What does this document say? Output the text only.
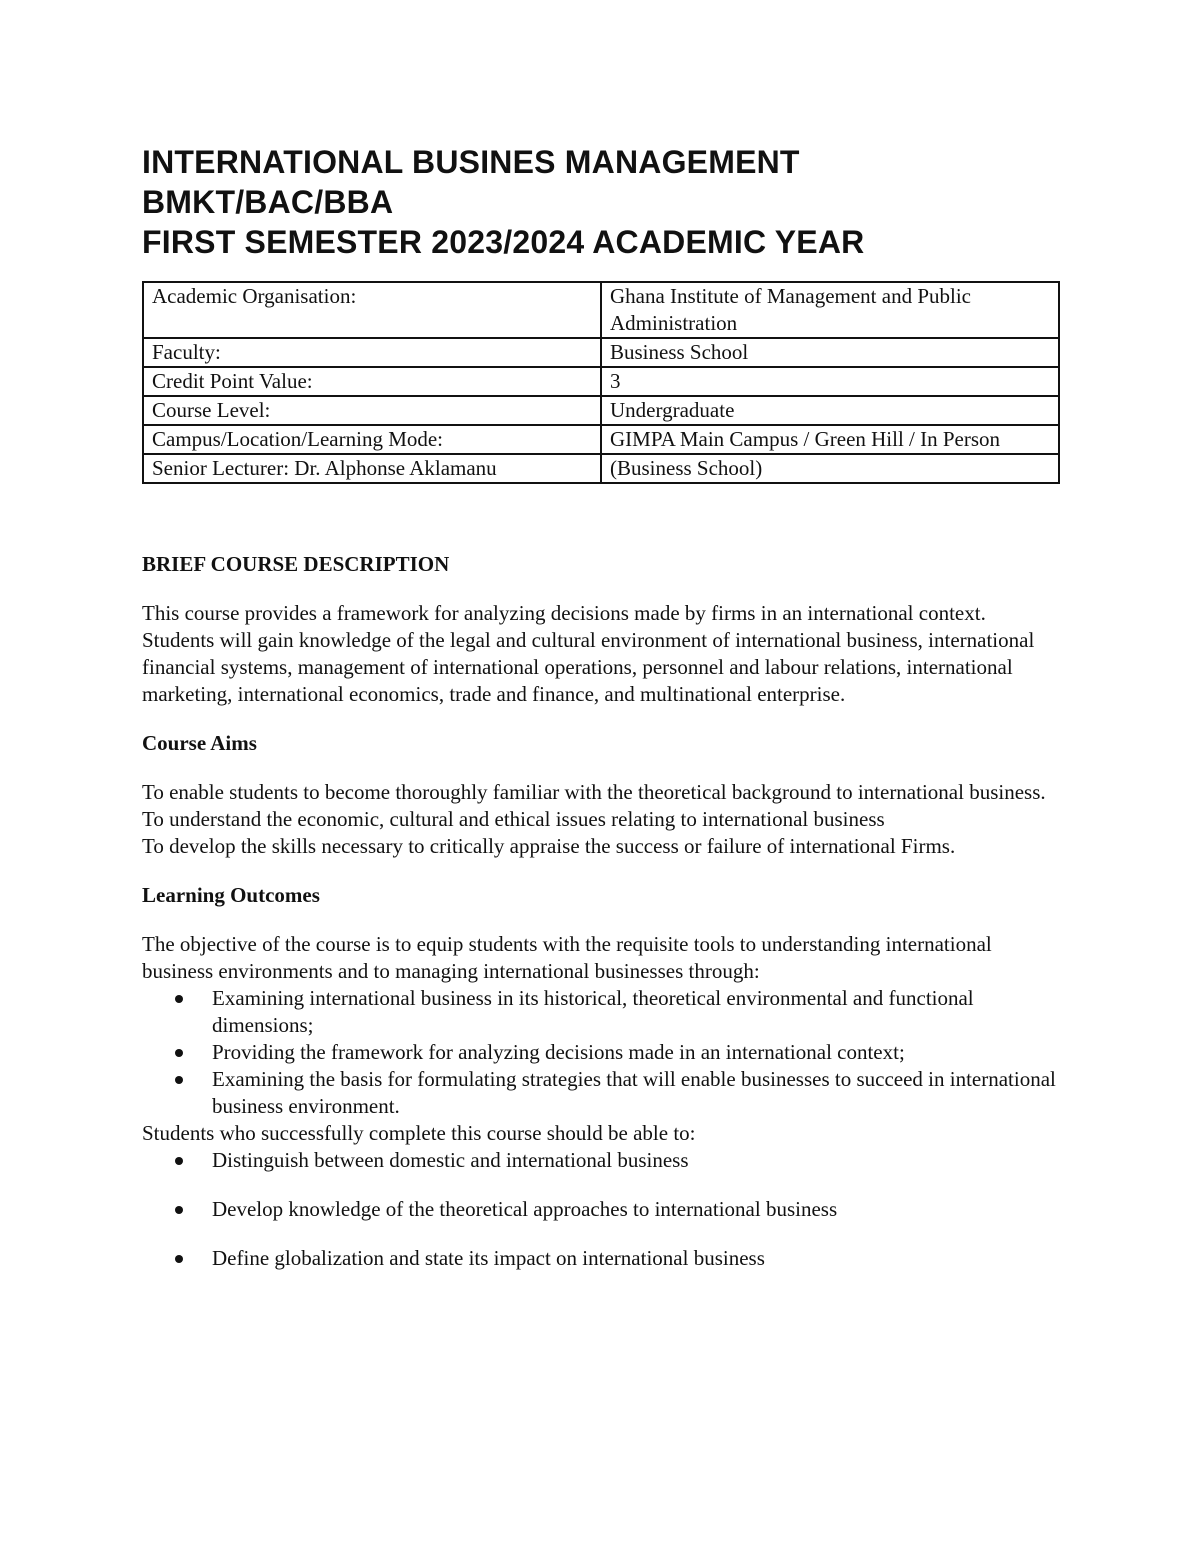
INTERNATIONAL BUSINES MANAGEMENT
BMKT/BAC/BBA
FIRST SEMESTER 2023/2024 ACADEMIC YEAR
Academic Organisation:	Ghana Institute of Management and Public Administration
Faculty:	Business School
Credit Point Value:	3
Course Level:	Undergraduate
Campus/Location/Learning Mode:	GIMPA Main Campus / Green Hill / In Person
Senior Lecturer: Dr. Alphonse Aklamanu	(Business School)

BRIEF COURSE DESCRIPTION

This course provides a framework for analyzing decisions made by firms in an international context. Students will gain knowledge of the legal and cultural environment of international business, international financial systems, management of international operations, personnel and labour relations, international marketing, international economics, trade and finance, and multinational enterprise.

Course Aims

To enable students to become thoroughly familiar with the theoretical background to international business.

To understand the economic, cultural and ethical issues relating to international business

To develop the skills necessary to critically appraise the success or failure of international Firms.

Learning Outcomes

The objective of the course is to equip students with the requisite tools to understanding international business environments and to managing international businesses through:

Examining international business in its historical, theoretical environmental and functional dimensions;
Providing the framework for analyzing decisions made in an international context;
Examining the basis for formulating strategies that will enable businesses to succeed in international business environment.

Students who successfully complete this course should be able to:

Distinguish between domestic and international business
Develop knowledge of the theoretical approaches to international business
Define globalization and state its impact on international business
